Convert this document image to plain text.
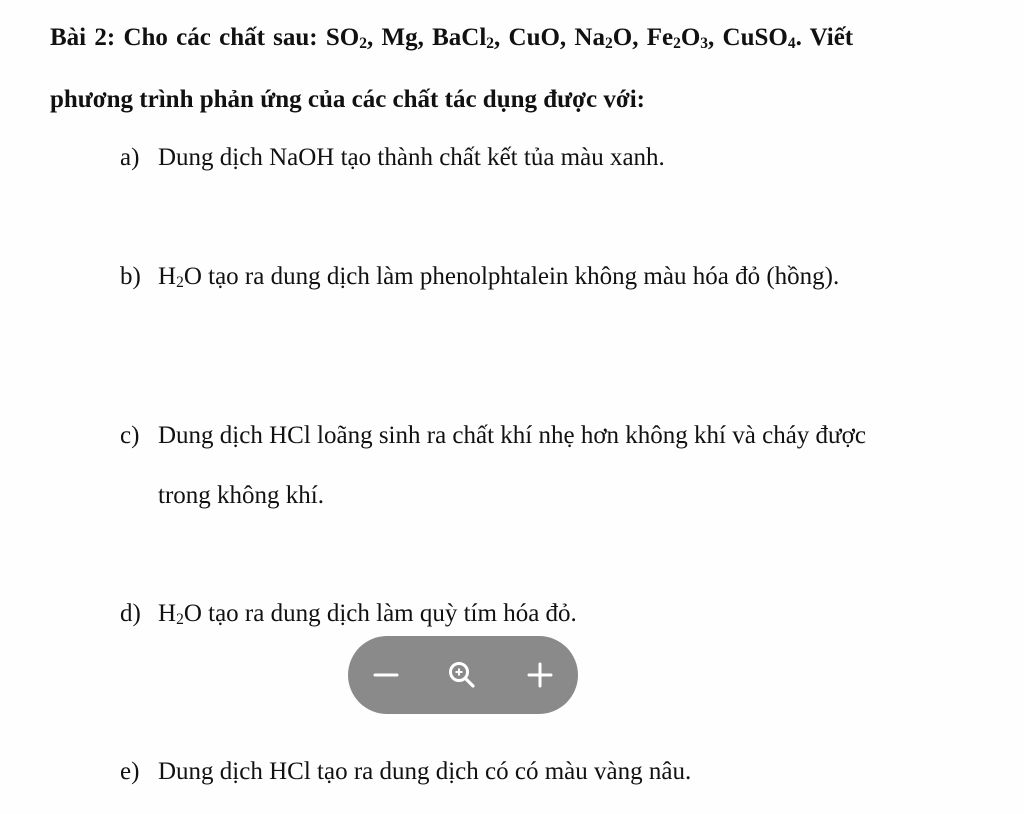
Bài 2: Cho các chất sau: $SO_2$, Mg, BaCl$_2$, CuO, $Na_2O$, $Fe_2O_3$, CuSO$_4$. Viết
phương trình phản ứng của các chất tác dụng được với:
a) Dung dịch NaOH tạo thành chất kết tủa màu xanh.
b) $H_2O$ tạo ra dung dịch làm phenolphtalein không màu hóa đỏ (hồng).
c) Dung dịch HCl loãng sinh ra chất khí nhẹ hơn không khí và cháy được
trong không khí.
d) $H_2O$ tạo ra dung dịch làm quỳ tím hóa đỏ.
e) Dung dịch HCl tạo ra dung dịch có có màu vàng nâu.
